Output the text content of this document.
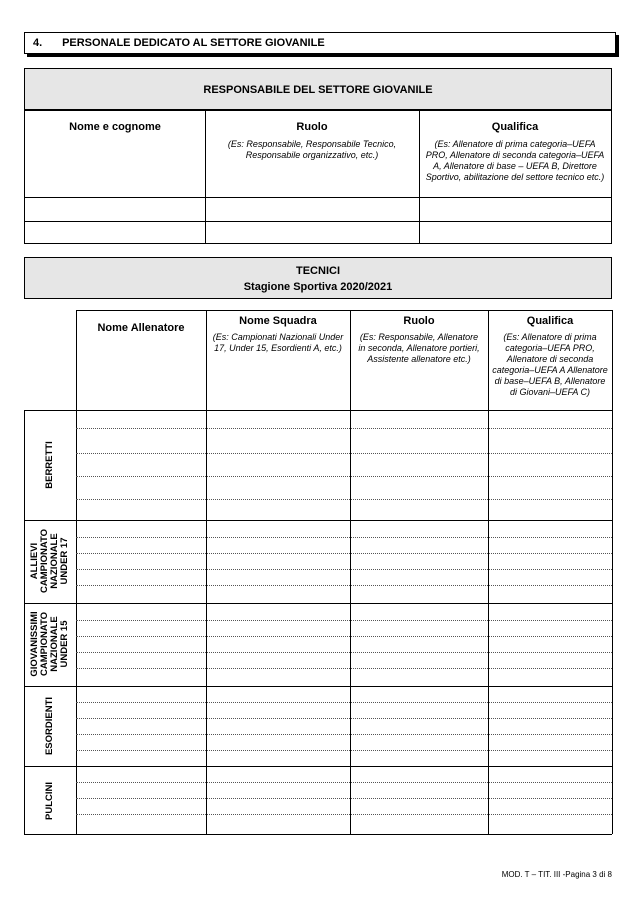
4. PERSONALE DEDICATO AL SETTORE GIOVANILE
RESPONSABILE DEL SETTORE GIOVANILE
Nome e cognome	Ruolo
(Es: Responsabile, Responsabile Tecnico, Responsabile organizzativo, etc.)
Qualifica
(Es: Allenatore di prima categoria–UEFA PRO, Allenatore di seconda categoria–UEFA A, Allenatore di base – UEFA B, Direttore Sportivo, abilitazione del settore tecnico etc.)
TECNICI
Stagione Sportiva 2020/2021
Nome Allenatore
Nome Squadra
(Es: Campionati Nazionali Under 17, Under 15, Esordienti A, etc.)
Ruolo
(Es: Responsabile, Allenatore in seconda, Allenatore portieri, Assistente allenatore etc.)
Qualifica
(Es: Allenatore di prima categoria–UEFA PRO, Allenatore di seconda categoria–UEFA A Allenatore di base–UEFA B, Allenatore di Giovani–UEFA C)
BERRETTI
ALLIEVI
CAMPIONATO
NAZIONALE
UNDER 17
GIOVANISSIMI
CAMPIONATO
NAZIONALE
UNDER 15
ESORDIENTI
PULCINI
MOD. T – TIT. III -Pagina 3 di 8
